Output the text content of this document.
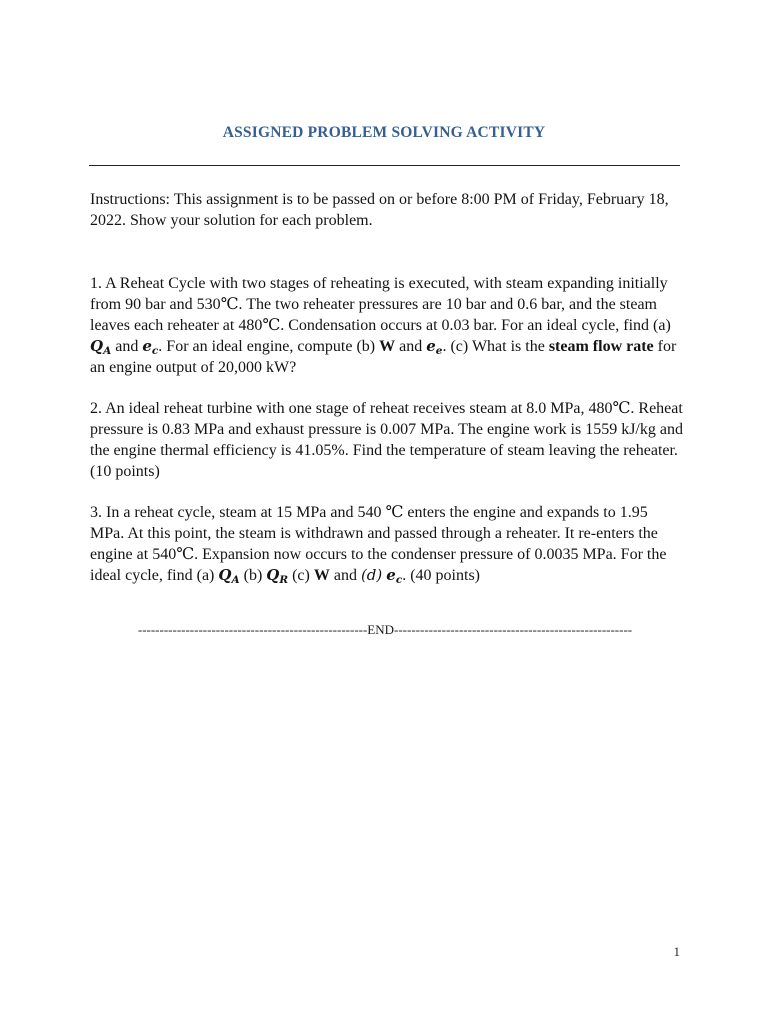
ASSIGNED PROBLEM SOLVING ACTIVITY

Instructions: This assignment is to be passed on or before 8:00 PM of Friday, February 18, 2022. Show your solution for each problem.

1. A Reheat Cycle with two stages of reheating is executed, with steam expanding initially from 90 bar and 530℃. The two reheater pressures are 10 bar and 0.6 bar, and the steam leaves each reheater at 480℃. Condensation occurs at 0.03 bar. For an ideal cycle, find (a) $Q_A$ and $e_c$. For an ideal engine, compute (b) W and $e_e$. (c) What is the steam flow rate for an engine output of 20,000 kW?

2. An ideal reheat turbine with one stage of reheat receives steam at 8.0 MPa, 480℃. Reheat pressure is 0.83 MPa and exhaust pressure is 0.007 MPa. The engine work is 1559 kJ/kg and the engine thermal efficiency is 41.05%. Find the temperature of steam leaving the reheater. (10 points)

3. In a reheat cycle, steam at 15 MPa and 540 ℃ enters the engine and expands to 1.95 MPa. At this point, the steam is withdrawn and passed through a reheater. It re-enters the engine at 540℃. Expansion now occurs to the condenser pressure of 0.0035 MPa. For the ideal cycle, find (a) $Q_A$ (b) $Q_R$ (c) W and (d) $e_c$. (40 points)

-----------------------------------------------------END-------------------------------------------------------
1
